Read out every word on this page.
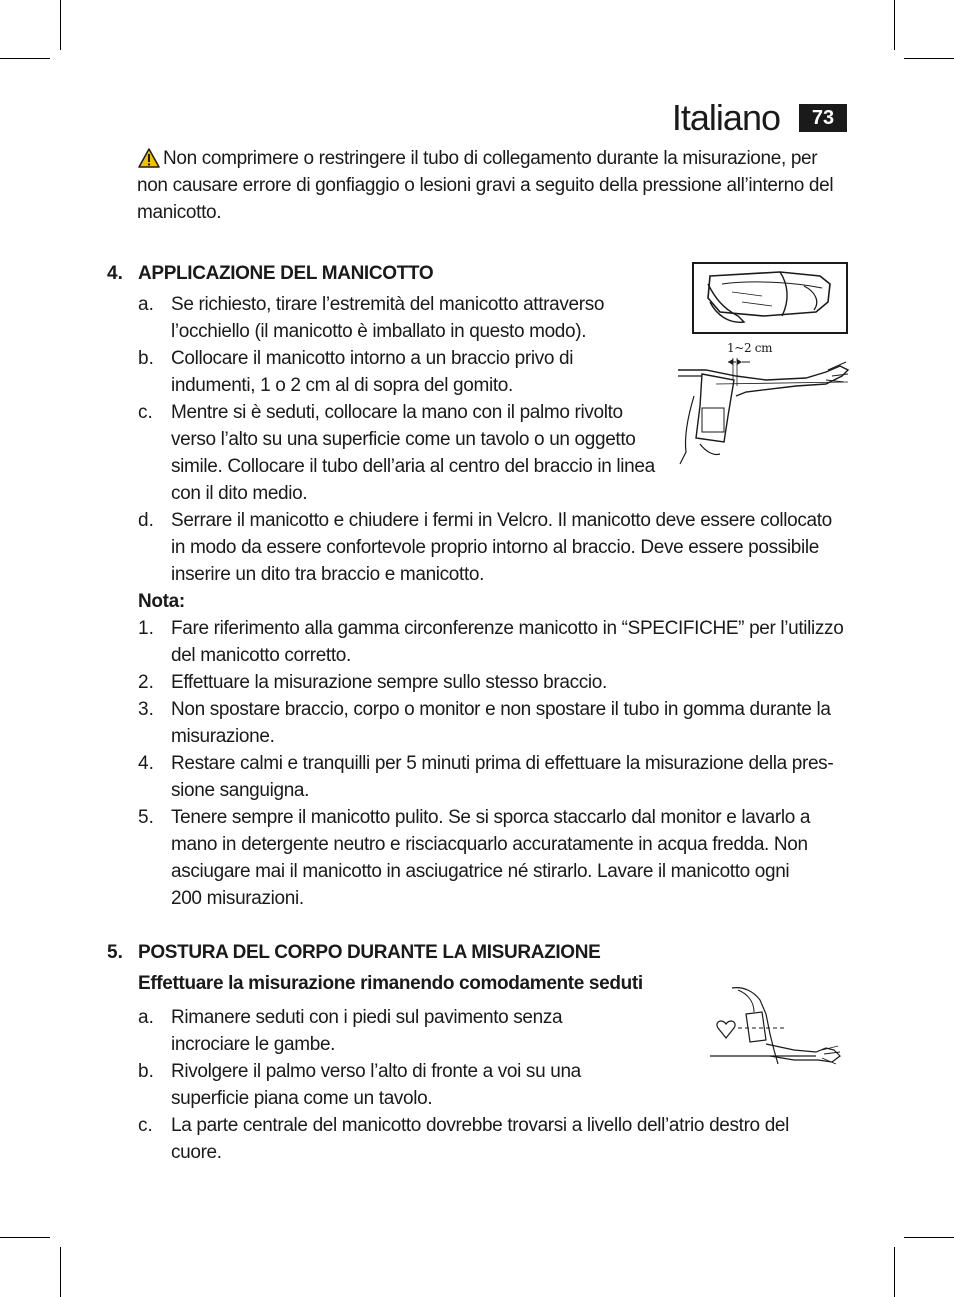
Italiano	73
Non comprimere o restringere il tubo di collegamento durante la misurazione, per
non causare errore di gonfiaggio o lesioni gravi a seguito della pressione all’interno del
manicotto.
4. APPLICAZIONE DEL MANICOTTO
a. Se richiesto, tirare l’estremità del manicotto attraverso
l’occhiello (il manicotto è imballato in questo modo).
b. Collocare il manicotto intorno a un braccio privo di
indumenti, 1 o 2 cm al di sopra del gomito.
c. Mentre si è seduti, collocare la mano con il palmo rivolto
verso l’alto su una superficie come un tavolo o un oggetto
simile. Collocare il tubo dell’aria al centro del braccio in linea
con il dito medio.
d. Serrare il manicotto e chiudere i fermi in Velcro. Il manicotto deve essere collocato
in modo da essere confortevole proprio intorno al braccio. Deve essere possibile
inserire un dito tra braccio e manicotto.
1~2 cm
Nota:
1. Fare riferimento alla gamma circonferenze manicotto in “SPECIFICHE” per l’utilizzo
del manicotto corretto.
2. Effettuare la misurazione sempre sullo stesso braccio.
3. Non spostare braccio, corpo o monitor e non spostare il tubo in gomma durante la
misurazione.
4. Restare calmi e tranquilli per 5 minuti prima di effettuare la misurazione della pres-
sione sanguigna.
5. Tenere sempre il manicotto pulito. Se si sporca staccarlo dal monitor e lavarlo a
mano in detergente neutro e risciacquarlo accuratamente in acqua fredda. Non
asciugare mai il manicotto in asciugatrice né stirarlo. Lavare il manicotto ogni
200 misurazioni.
5. POSTURA DEL CORPO DURANTE LA MISURAZIONE
Effettuare la misurazione rimanendo comodamente seduti
a. Rimanere seduti con i piedi sul pavimento senza
incrociare le gambe.
b. Rivolgere il palmo verso l’alto di fronte a voi su una
superficie piana come un tavolo.
c. La parte centrale del manicotto dovrebbe trovarsi a livello dell’atrio destro del
cuore.
